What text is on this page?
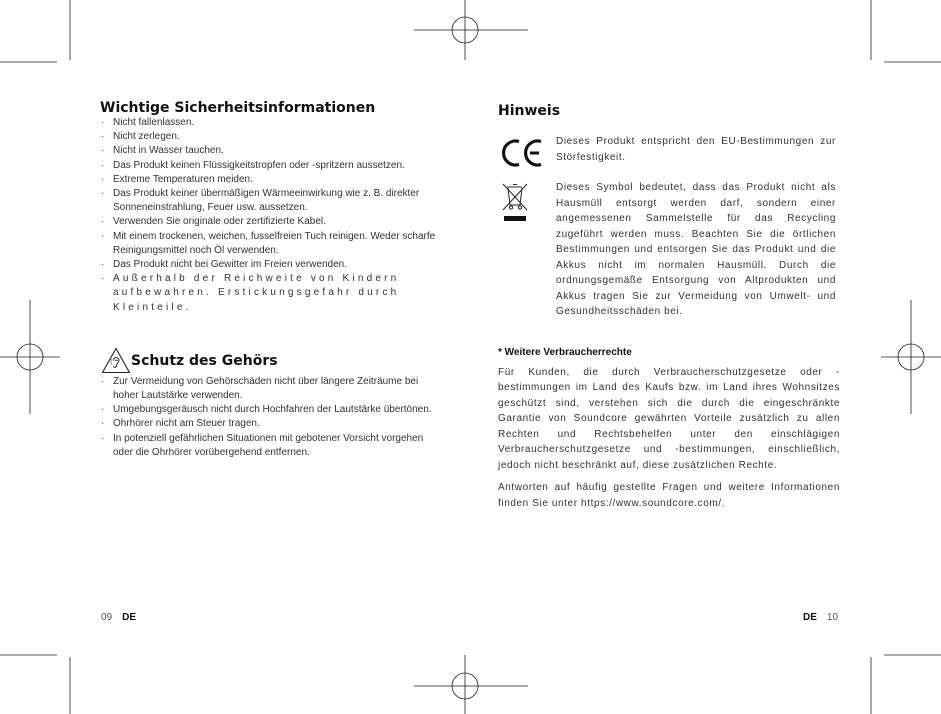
Wichtige Sicherheitsinformationen
· Nicht fallenlassen.
· Nicht zerlegen.
· Nicht in Wasser tauchen.
· Das Produkt keinen Flüssigkeitstropfen oder -spritzern aussetzen.
· Extreme Temperaturen meiden.
· Das Produkt keiner übermäßigen Wärmeeinwirkung wie z. B. direkter Sonneneinstrahlung, Feuer usw. aussetzen.
· Verwenden Sie originale oder zertifizierte Kabel.
· Mit einem trockenen, weichen, fusselfreien Tuch reinigen. Weder scharfe Reinigungsmittel noch Öl verwenden.
· Das Produkt nicht bei Gewitter im Freien verwenden.
· Außerhalb der Reichweite von Kindern aufbewahren. Erstickungsgefahr durch Kleinteile.
Schutz des Gehörs
· Zur Vermeidung von Gehörschäden nicht über längere Zeiträume bei hoher Lautstärke verwenden.
· Umgebungsgeräusch nicht durch Hochfahren der Lautstärke übertönen.
· Ohrhörer nicht am Steuer tragen.
· In potenziell gefährlichen Situationen mit gebotener Vorsicht vorgehen oder die Ohrhörer vorübergehend entfernen.
Hinweis
Dieses Produkt entspricht den EU-Bestimmungen zur Störfestigkeit.
Dieses Symbol bedeutet, dass das Produkt nicht als Hausmüll entsorgt werden darf, sondern einer angemessenen Sammelstelle für das Recycling zugeführt werden muss. Beachten Sie die örtlichen Bestimmungen und entsorgen Sie das Produkt und die Akkus nicht im normalen Hausmüll. Durch die ordnungsgemäße Entsorgung von Altprodukten und Akkus tragen Sie zur Vermeidung von Umwelt- und Gesundheitsschäden bei.
* Weitere Verbraucherrechte
Für Kunden, die durch Verbraucherschutzgesetze oder -bestimmungen im Land des Kaufs bzw. im Land ihres Wohnsitzes geschützt sind, verstehen sich die durch die eingeschränkte Garantie von Soundcore gewährten Vorteile zusätzlich zu allen Rechten und Rechtsbehelfen unter den einschlägigen Verbraucherschutzgesetze und -bestimmungen, einschließlich, jedoch nicht beschränkt auf, diese zusätzlichen Rechte.
Antworten auf häufig gestellte Fragen und weitere Informationen finden Sie unter https://www.soundcore.com/.
09 DE	DE 10
